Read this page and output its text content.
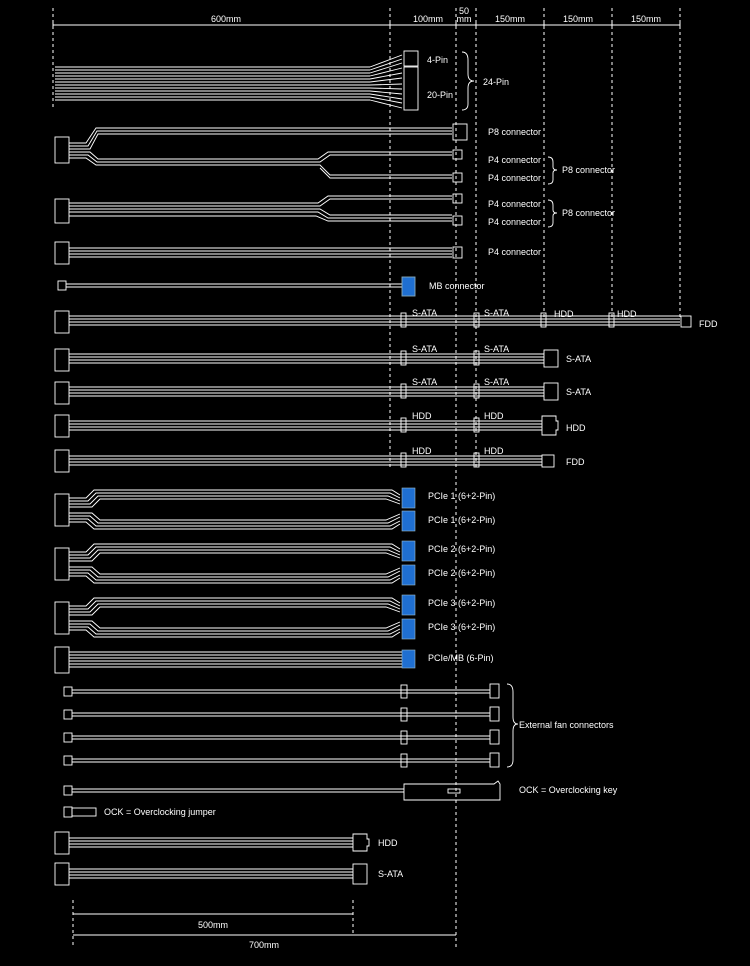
600mm	100mm
50
mm	150mm	150mm	150mm
4-Pin
20-Pin
24-Pin
P8 connector
P4 connector
P4 connector
P8 connector
P4 connector
P4 connector
P8 connector
P4 connector
MB connector
S-ATA	S-ATA	HDD	HDD
FDD
S-ATA	S-ATA
S-ATA
S-ATA	S-ATA
S-ATA
HDD	HDD
HDD
HDD	HDD
FDD
PCIe 1 (6+2-Pin)
PCIe 1 (6+2-Pin)
PCIe 2 (6+2-Pin)
PCIe 2 (6+2-Pin)
PCIe 3 (6+2-Pin)
PCIe 3 (6+2-Pin)
PCIe/MB (6-Pin)
External fan connectors
OCK = Overclocking key
OCK = Overclocking jumper
HDD
S-ATA
500mm
700mm
